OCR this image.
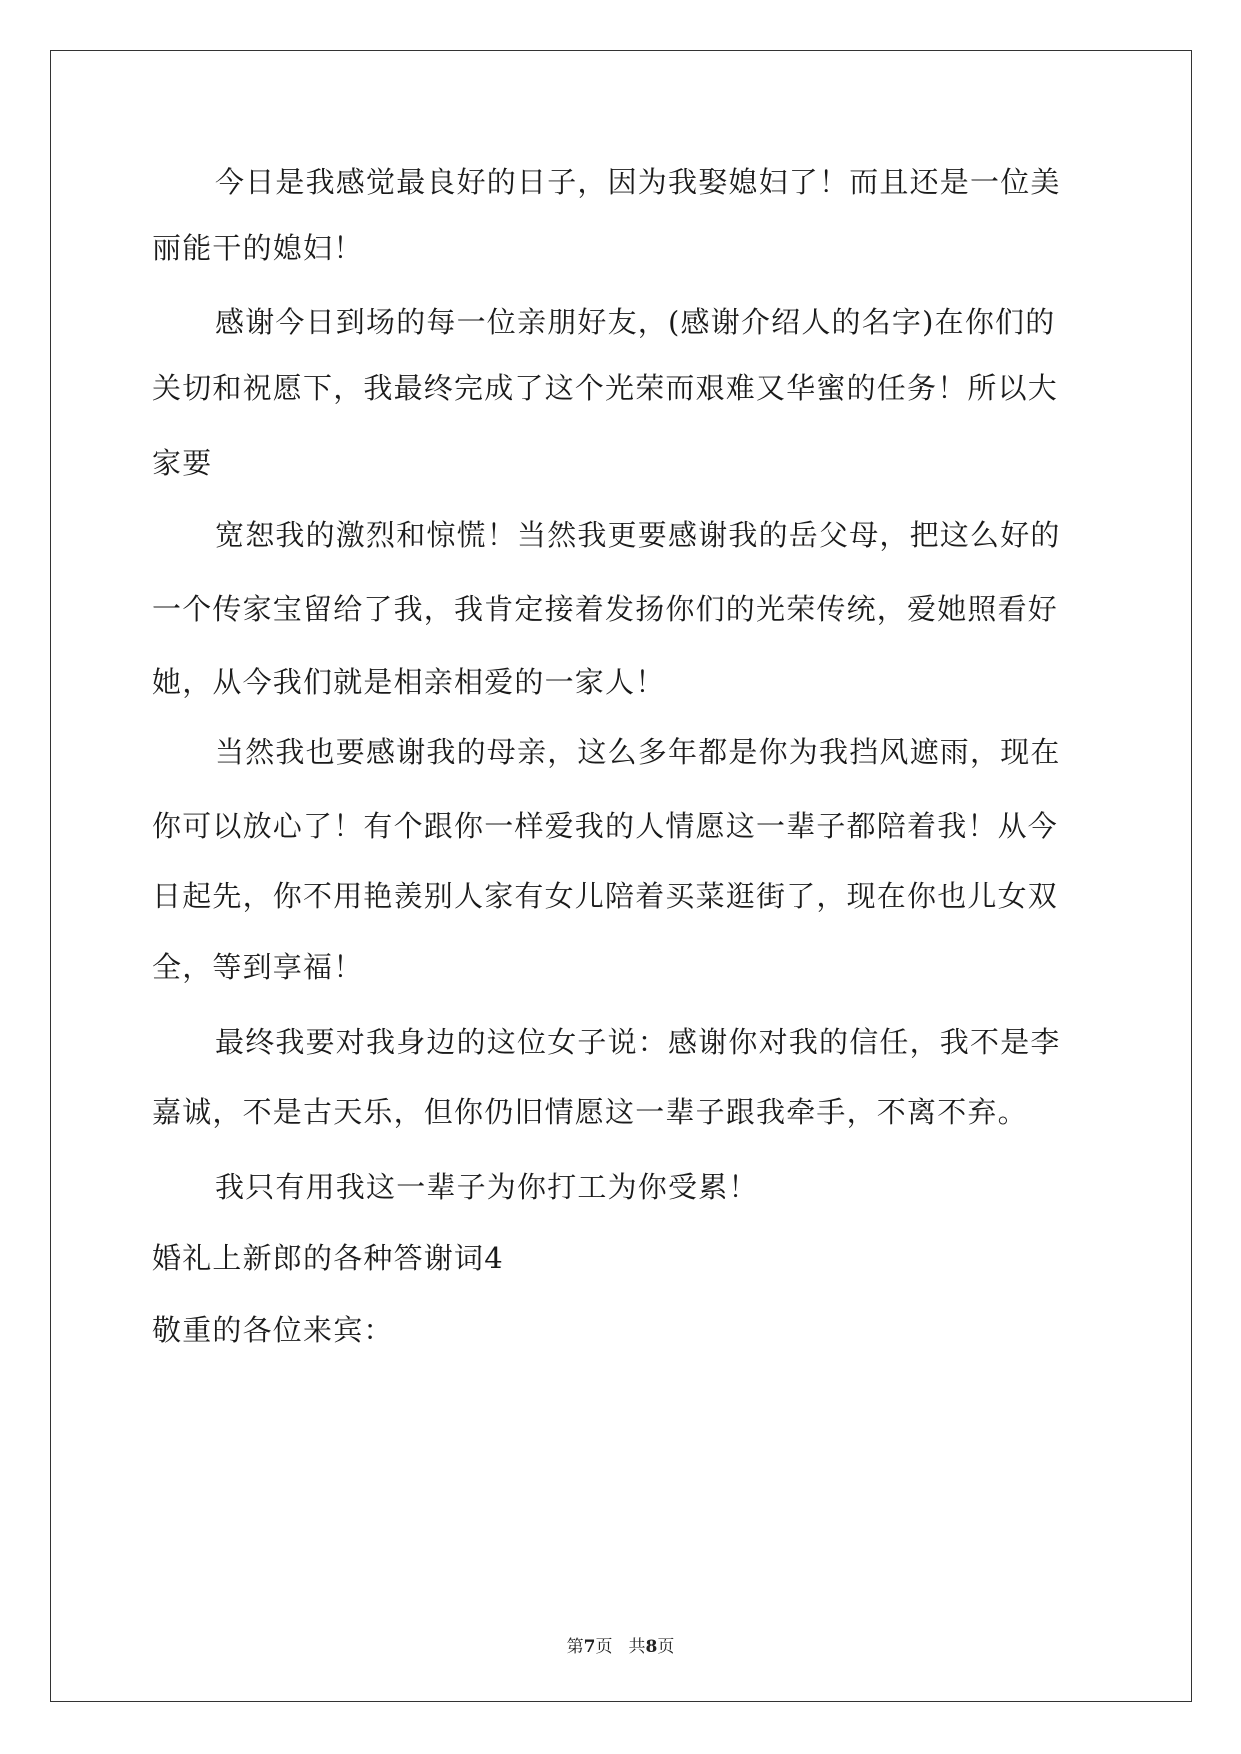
今日是我感觉最良好的日子，因为我娶媳妇了！而且还是一位美
丽能干的媳妇！
感谢今日到场的每一位亲朋好友，(感谢介绍人的名字)在你们的
关切和祝愿下，我最终完成了这个光荣而艰难又华蜜的任务！所以大
家要
宽恕我的激烈和惊慌！当然我更要感谢我的岳父母，把这么好的
一个传家宝留给了我，我肯定接着发扬你们的光荣传统，爱她照看好
她，从今我们就是相亲相爱的一家人！
当然我也要感谢我的母亲，这么多年都是你为我挡风遮雨，现在
你可以放心了！有个跟你一样爱我的人情愿这一辈子都陪着我！从今
日起先，你不用艳羡别人家有女儿陪着买菜逛街了，现在你也儿女双
全，等到享福！
最终我要对我身边的这位女子说：感谢你对我的信任，我不是李
嘉诚，不是古天乐，但你仍旧情愿这一辈子跟我牵手，不离不弃。
我只有用我这一辈子为你打工为你受累！
婚礼上新郎的各种答谢词4
敬重的各位来宾：
第7页 共8页
